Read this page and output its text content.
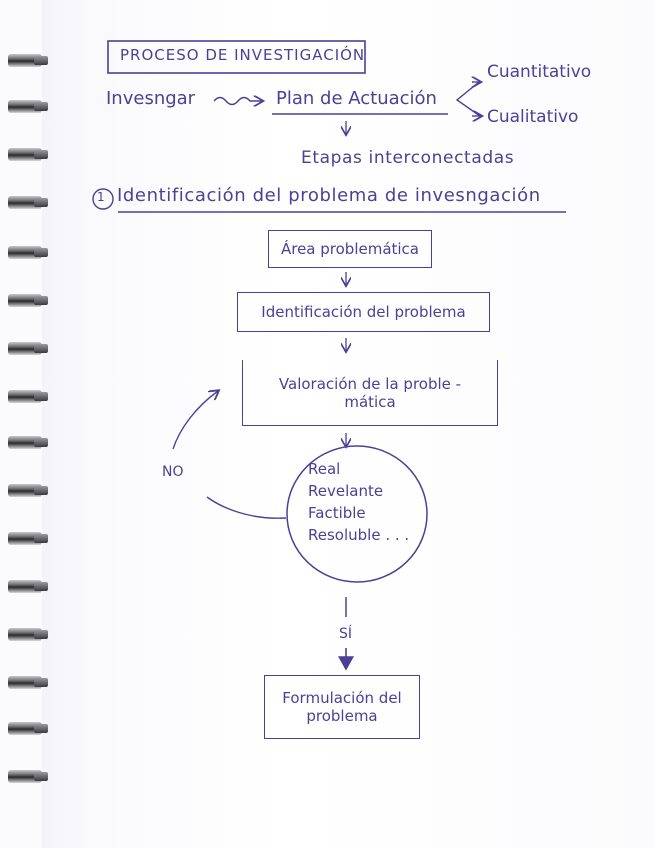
PROCESO DE INVESTIGACIÓN
Invesngar	Plan de Actuación
Cuantitativo
Cualitativo
Etapas interconectadas
1 Identificación del problema de invesngación
Área problemática
Identificación del problema
Valoración de la proble -
mática
Real
Revelante
Factible
Resoluble . . .
NO
SÍ
Formulación del
problema
